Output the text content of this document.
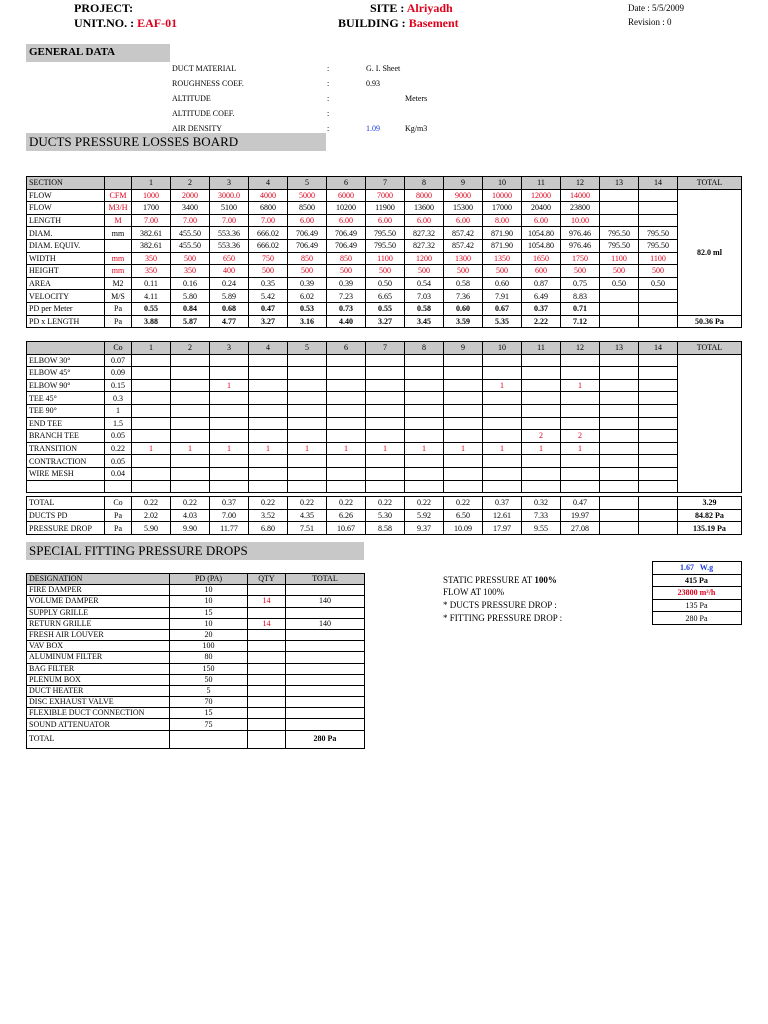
PROJECT:
UNIT.NO. : EAF-01
SITE : Alriyadh
BUILDING : Basement
Date : 5/5/2009
Revision : 0
GENERAL DATA
DUCT MATERIAL	:	G. I. Sheet
ROUGHNESS COEF.	:	0.93
ALTITUDE	:	Meters
ALTITUDE COEF.	:
AIR DENSITY	:	1.09	Kg/m3
DUCTS PRESSURE LOSSES BOARD
SECTION		1	2	3	4	5	6	7	8	9	10	11	12	13	14	TOTAL
FLOW	CFM	1000	2000	3000.0	4000	5000	6000	7000	8000	9000	10000	12000	14000			82.0 ml
FLOW	M3/H	1700	3400	5100	6800	8500	10200	11900	13600	15300	17000	20400	23800			
LENGTH	M	7.00	7.00	7.00	7.00	6.00	6.00	6.00	6.00	6.00	8.00	6.00	10.00			
DIAM.	mm	382.61	455.50	553.36	666.02	706.49	706.49	795.50	827.32	857.42	871.90	1054.80	976.46	795.50	795.50	
DIAM. EQUIV.		382.61	455.50	553.36	666.02	706.49	706.49	795.50	827.32	857.42	871.90	1054.80	976.46	795.50	795.50	
WIDTH	mm	350	500	650	750	850	850	1100	1200	1300	1350	1650	1750	1100	1100	
HEIGHT	mm	350	350	400	500	500	500	500	500	500	500	600	500	500	500	
AREA	M2	0.11	0.16	0.24	0.35	0.39	0.39	0.50	0.54	0.58	0.60	0.87	0.75	0.50	0.50	
VELOCITY	M/S	4.11	5.80	5.89	5.42	6.02	7.23	6.65	7.03	7.36	7.91	6.49	8.83			
PD per Meter	Pa	0.55	0.84	0.68	0.47	0.53	0.73	0.55	0.58	0.60	0.67	0.37	0.71			
PD x LENGTH	Pa	3.88	5.87	4.77	3.27	3.16	4.40	3.27	3.45	3.59	5.35	2.22	7.12			50.36 Pa
	Co	1	2	3	4	5	6	7	8	9	10	11	12	13	14	TOTAL
ELBOW 30°	0.07															
ELBOW 45°	0.09															
ELBOW 90°	0.15			1							1		1			
TEE 45°	0.3															
TEE 90°	1															
END TEE	1.5															
BRANCH TEE	0.05											2	2			
TRANSITION	0.22	1	1	1	1	1	1	1	1	1	1	1	1			
CONTRACTION	0.05															
WIRE MESH	0.04															

TOTAL	Co	0.22	0.22	0.37	0.22	0.22	0.22	0.22	0.22	0.22	0.37	0.32	0.47			3.29
DUCTS PD	Pa	2.02	4.03	7.00	3.52	4.35	6.26	5.30	5.92	6.50	12.61	7.33	19.97			84.82 Pa
PRESSURE DROP	Pa	5.90	9.90	11.77	6.80	7.51	10.67	8.58	9.37	10.09	17.97	9.55	27.08			135.19 Pa
SPECIAL FITTING PRESSURE DROPS
DESIGNATION	PD (PA)	QTY	TOTAL
FIRE DAMPER	10		
VOLUME DAMPER	10	14	140
SUPPLY GRILLE	15		
RETURN GRILLE	10	14	140
FRESH AIR LOUVER	20		
VAV BOX	100		
ALUMINUM FILTER	80		
BAG FILTER	150		
PLENUM BOX	50		
DUCT HEATER	5		
DISC EXHAUST VALVE	70		
FLEXIBLE DUCT CONNECTION	15		
SOUND ATTENUATOR	75		
TOTAL			280 Pa
	1.67 W.g
STATIC PRESSURE AT 100%	415 Pa
FLOW AT 100%	23800 m³/h
* DUCTS PRESSURE DROP :	135 Pa
* FITTING PRESSURE DROP :	280 Pa
